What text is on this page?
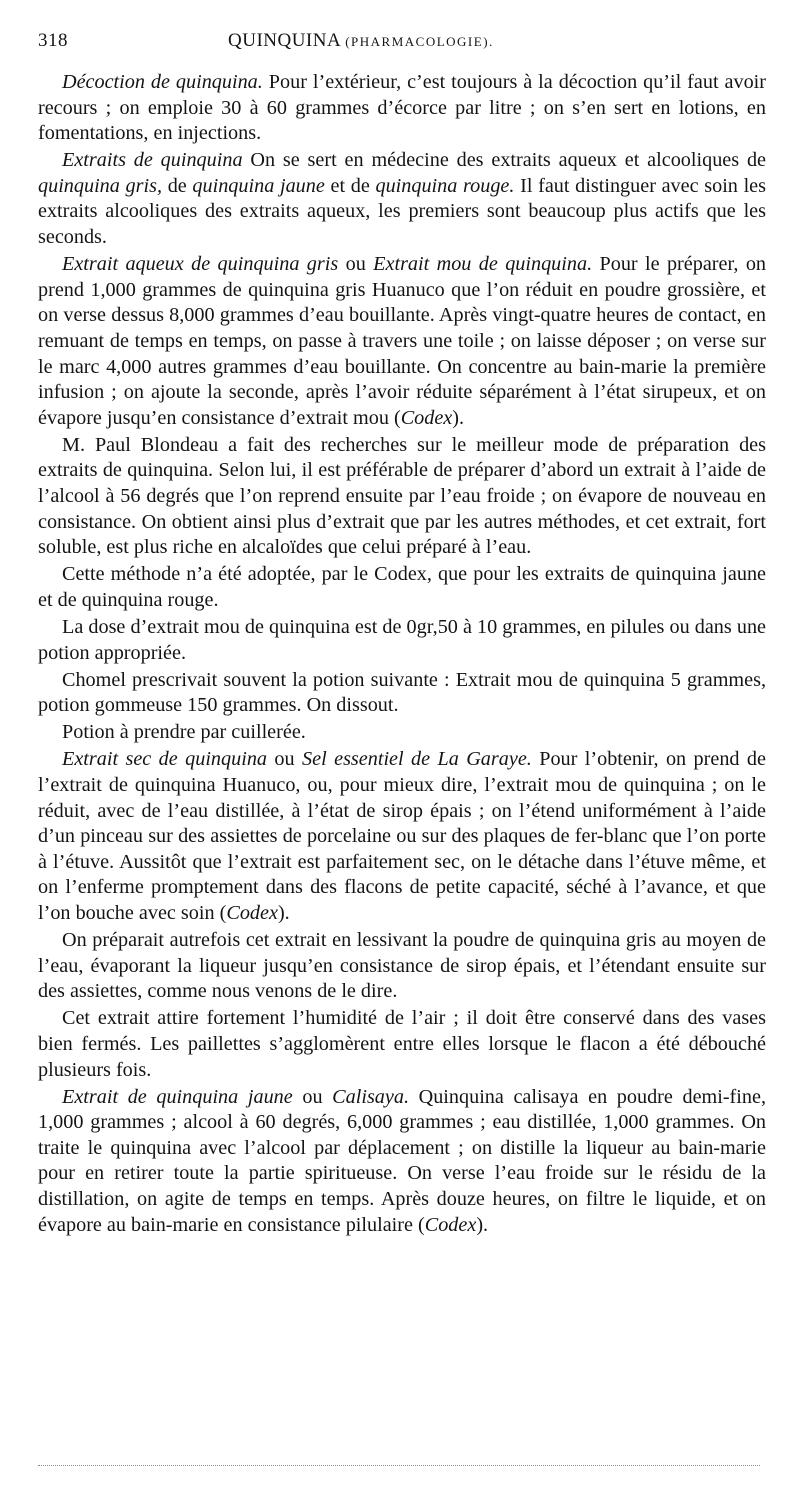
318	QUINQUINA (PHARMACOLOGIE).

Décoction de quinquina. Pour l’extérieur, c’est toujours à la décoction qu’il faut avoir recours ; on emploie 30 à 60 grammes d’écorce par litre ; on s’en sert en lotions, en fomentations, en injections.

Extraits de quinquina On se sert en médecine des extraits aqueux et alcooliques de quinquina gris, de quinquina jaune et de quinquina rouge. Il faut distinguer avec soin les extraits alcooliques des extraits aqueux, les premiers sont beaucoup plus actifs que les seconds.

Extrait aqueux de quinquina gris ou Extrait mou de quinquina. Pour le préparer, on prend 1,000 grammes de quinquina gris Huanuco que l’on réduit en poudre grossière, et on verse dessus 8,000 grammes d’eau bouillante. Après vingt-quatre heures de contact, en remuant de temps en temps, on passe à travers une toile ; on laisse déposer ; on verse sur le marc 4,000 autres grammes d’eau bouillante. On concentre au bain-marie la première infusion ; on ajoute la seconde, après l’avoir réduite séparément à l’état sirupeux, et on évapore jusqu’en consistance d’extrait mou (Codex).

M. Paul Blondeau a fait des recherches sur le meilleur mode de préparation des extraits de quinquina. Selon lui, il est préférable de préparer d’abord un extrait à l’aide de l’alcool à 56 degrés que l’on reprend ensuite par l’eau froide ; on évapore de nouveau en consistance. On obtient ainsi plus d’extrait que par les autres méthodes, et cet extrait, fort soluble, est plus riche en alcaloïdes que celui préparé à l’eau.

Cette méthode n’a été adoptée, par le Codex, que pour les extraits de quinquina jaune et de quinquina rouge.

La dose d’extrait mou de quinquina est de 0gr,50 à 10 grammes, en pilules ou dans une potion appropriée.

Chomel prescrivait souvent la potion suivante : Extrait mou de quinquina 5 grammes, potion gommeuse 150 grammes. On dissout.

Potion à prendre par cuillerée.

Extrait sec de quinquina ou Sel essentiel de La Garaye. Pour l’obtenir, on prend de l’extrait de quinquina Huanuco, ou, pour mieux dire, l’extrait mou de quinquina ; on le réduit, avec de l’eau distillée, à l’état de sirop épais ; on l’étend uniformément à l’aide d’un pinceau sur des assiettes de porcelaine ou sur des plaques de fer-blanc que l’on porte à l’étuve. Aussitôt que l’extrait est parfaitement sec, on le détache dans l’étuve même, et on l’enferme promptement dans des flacons de petite capacité, séché à l’avance, et que l’on bouche avec soin (Codex).

On préparait autrefois cet extrait en lessivant la poudre de quinquina gris au moyen de l’eau, évaporant la liqueur jusqu’en consistance de sirop épais, et l’étendant ensuite sur des assiettes, comme nous venons de le dire.

Cet extrait attire fortement l’humidité de l’air ; il doit être conservé dans des vases bien fermés. Les paillettes s’agglomèrent entre elles lorsque le flacon a été débouché plusieurs fois.

Extrait de quinquina jaune ou Calisaya. Quinquina calisaya en poudre demi-fine, 1,000 grammes ; alcool à 60 degrés, 6,000 grammes ; eau distillée, 1,000 grammes. On traite le quinquina avec l’alcool par déplacement ; on distille la liqueur au bain-marie pour en retirer toute la partie spiritueuse. On verse l’eau froide sur le résidu de la distillation, on agite de temps en temps. Après douze heures, on filtre le liquide, et on évapore au bain-marie en consistance pilulaire (Codex).
